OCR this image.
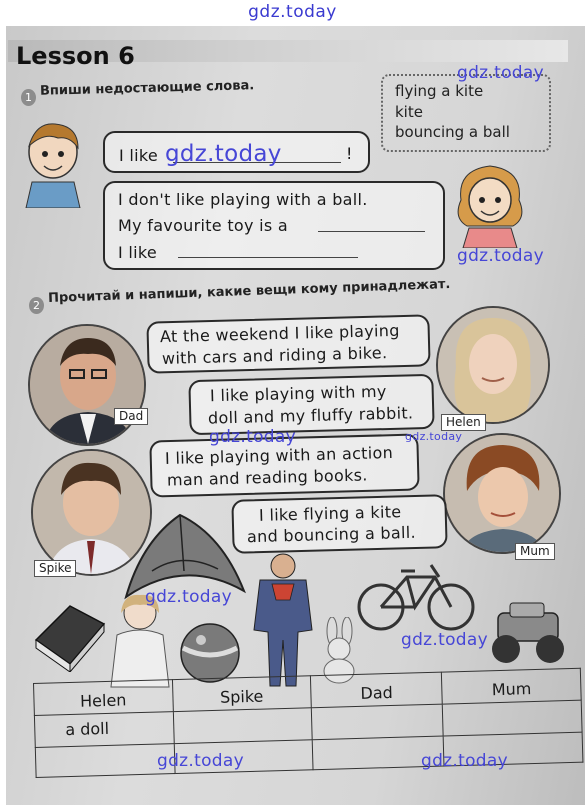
gdz.today
Lesson 6
1 Впиши недостающие слова.	flying a kite
kite
bouncing a ball
I like	!
I don't like playing with a ball.
My favourite toy is a
I like
2 Прочитай и напиши, какие вещи кому принадлежат.
Dad
At the weekend I like playing
with cars and riding a bike.
Helen
I like playing with my
doll and my fluffy rabbit.
Spike
I like playing with an action
man and reading books.
Mum
I like flying a kite
and bouncing a ball.
Helen	Spike	Dad	Mum
a doll			

gdz.today
gdz.today
gdz.today
gdz.today	gdz.today
gdz.today
gdz.today
gdz.today	gdz.today
